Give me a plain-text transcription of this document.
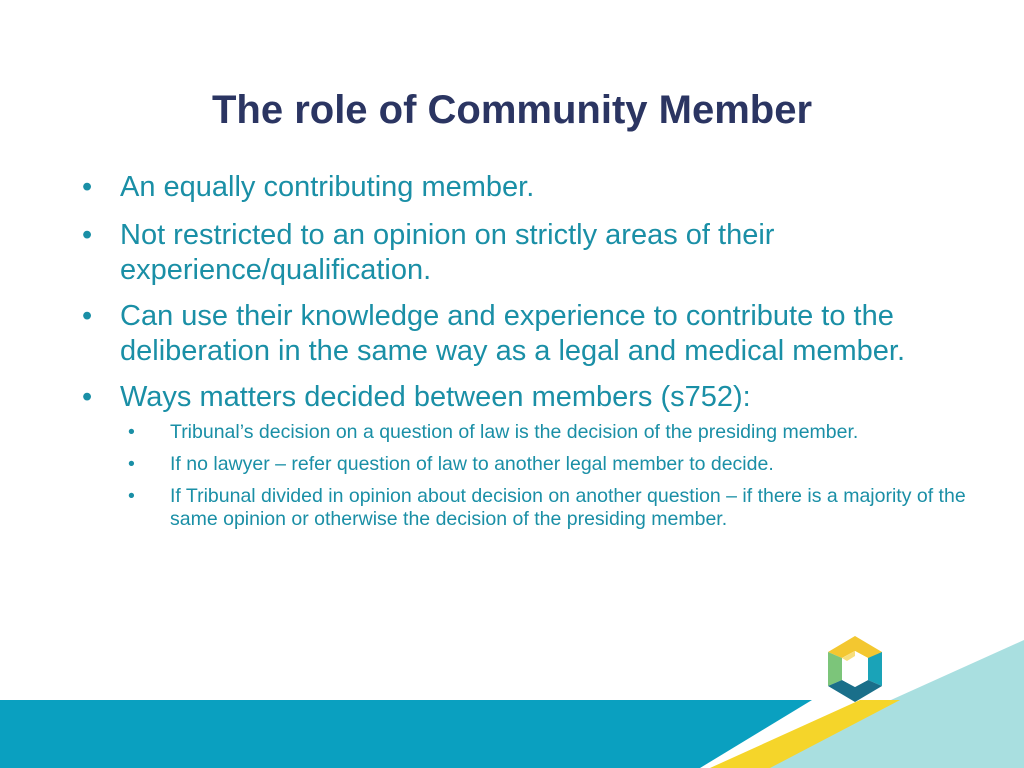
The role of Community Member
• An equally contributing member.
• Not restricted to an opinion on strictly areas of their experience/qualification.
• Can use their knowledge and experience to contribute to the deliberation in the same way as a legal and medical member.
• Ways matters decided between members (s752):
• Tribunal’s decision on a question of law is the decision of the presiding member.
• If no lawyer – refer question of law to another legal member to decide.
• If Tribunal divided in opinion about decision on another question – if there is a majority of the same opinion or otherwise the decision of the presiding member.
